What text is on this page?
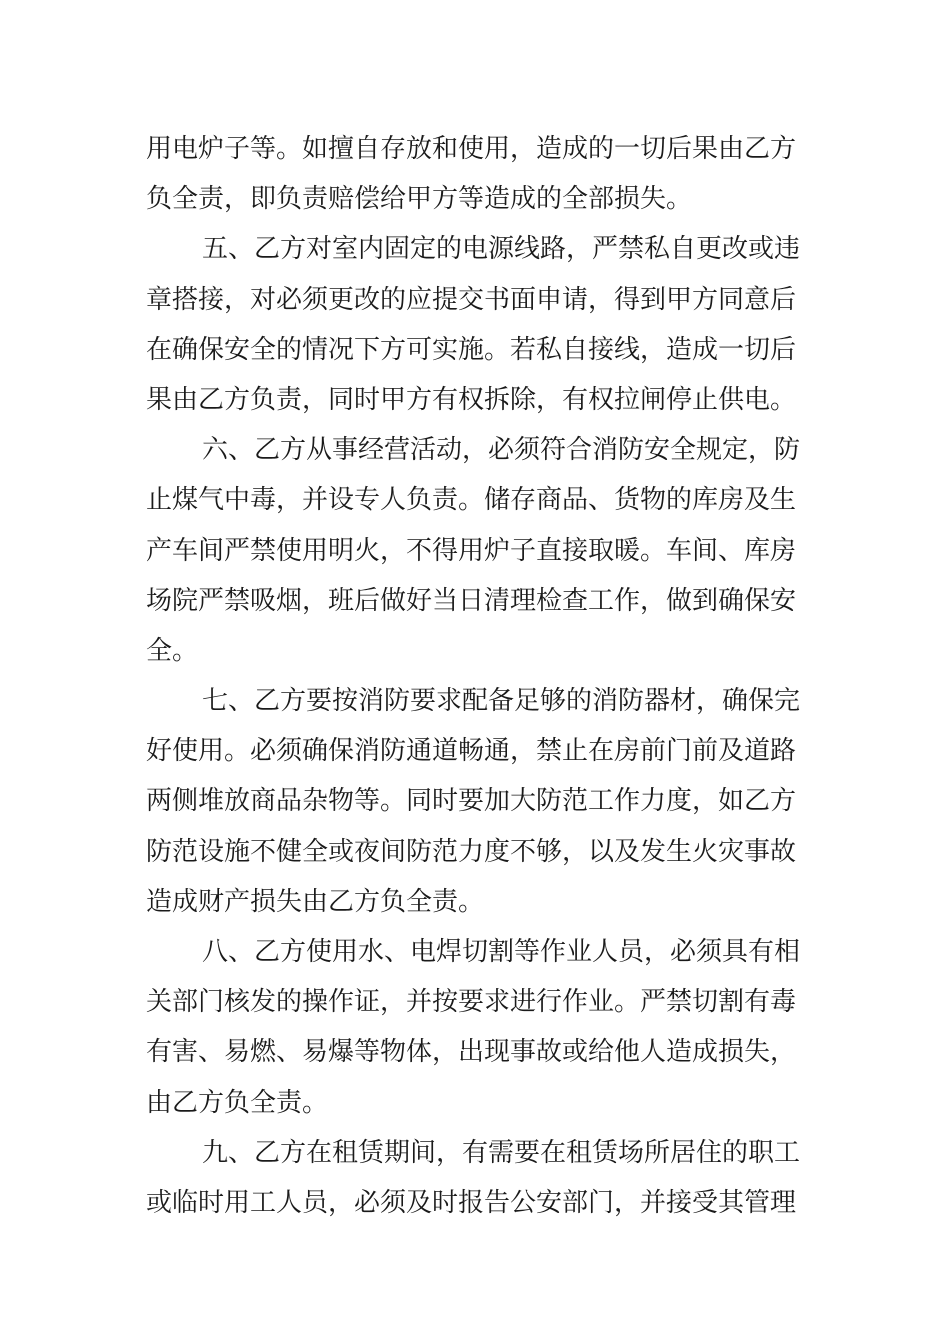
用电炉子等。如擅自存放和使用，造成的一切后果由乙方
负全责，即负责赔偿给甲方等造成的全部损失。
五、乙方对室内固定的电源线路，严禁私自更改或违
章搭接，对必须更改的应提交书面申请，得到甲方同意后
在确保安全的情况下方可实施。若私自接线，造成一切后
果由乙方负责，同时甲方有权拆除，有权拉闸停止供电。
六、乙方从事经营活动，必须符合消防安全规定，防
止煤气中毒，并设专人负责。储存商品、货物的库房及生
产车间严禁使用明火，不得用炉子直接取暖。车间、库房
场院严禁吸烟，班后做好当日清理检查工作，做到确保安
全。
七、乙方要按消防要求配备足够的消防器材，确保完
好使用。必须确保消防通道畅通，禁止在房前门前及道路
两侧堆放商品杂物等。同时要加大防范工作力度，如乙方
防范设施不健全或夜间防范力度不够，以及发生火灾事故
造成财产损失由乙方负全责。
八、乙方使用水、电焊切割等作业人员，必须具有相
关部门核发的操作证，并按要求进行作业。严禁切割有毒
有害、易燃、易爆等物体，出现事故或给他人造成损失，
由乙方负全责。
九、乙方在租赁期间，有需要在租赁场所居住的职工
或临时用工人员，必须及时报告公安部门，并接受其管理
